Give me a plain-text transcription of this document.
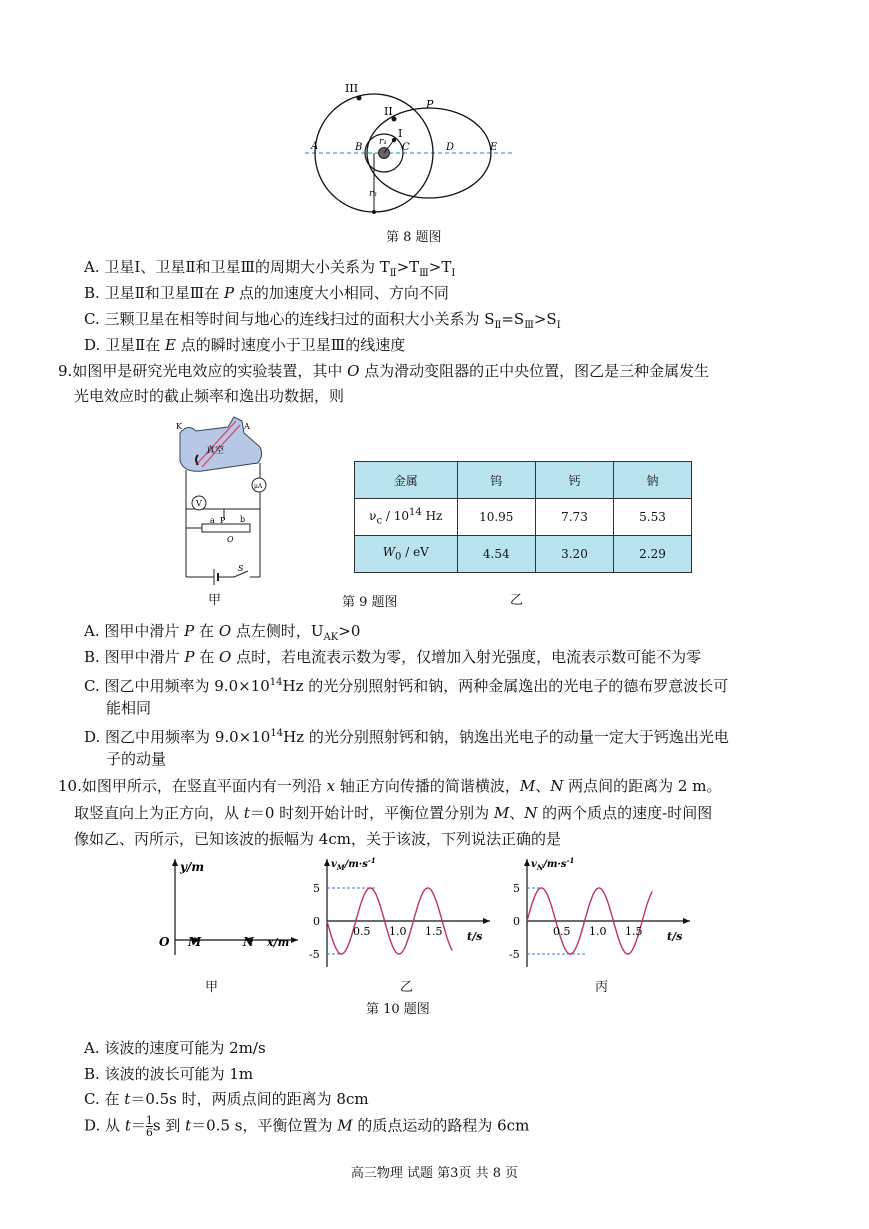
III
II
P
I
A	B	C	D	E
r₁
r₃
第 8 题图
A. 卫星Ⅰ、卫星Ⅱ和卫星Ⅲ的周期大小关系为 $T_Ⅱ>T_Ⅲ>T_Ⅰ$
B. 卫星Ⅱ和卫星Ⅲ在 P 点的加速度大小相同、方向不同
C. 三颗卫星在相等时间与地心的连线扫过的面积大小关系为 $S_Ⅱ=S_Ⅲ>S_Ⅰ$
D. 卫星Ⅱ在 E 点的瞬时速度小于卫星Ⅲ的线速度
9.如图甲是研究光电效应的实验装置，其中 O 点为滑动变阻器的正中央位置，图乙是三种金属发生
光电效应时的截止频率和逸出功数据，则
K	A
真空
V
μA
a P b
O
S
甲	第 9 题图	乙
金属	钨	钙	钠
$\nu_c / 10^{14}$ Hz	10.95	7.73	5.53
$W_0$ / eV	4.54	3.20	2.29
A. 图甲中滑片 P 在 O 点左侧时，$U_{AK}>0$
B. 图甲中滑片 P 在 O 点时，若电流表示数为零，仅增加入射光强度，电流表示数可能不为零
C. 图乙中用频率为 $9.0\times 10^{14}Hz$ 的光分别照射钙和钠，两种金属逸出的光电子的德布罗意波长可
能相同
D. 图乙中用频率为 $9.0\times 10^{14}Hz$ 的光分别照射钙和钠，钠逸出光电子的动量一定大于钙逸出光电
子的动量
10.如图甲所示，在竖直平面内有一列沿 x 轴正方向传播的简谐横波，M、N 两点间的距离为 2 m。
取竖直向上为正方向，从 t＝0 时刻开始计时，平衡位置分别为 M、N 的两个质点的速度-时间图
像如乙、丙所示，已知该波的振幅为 4cm，关于该波，下列说法正确的是
y/m
O M	N x/m
甲
$v_M/m\cdot s^{-1}$
5
0
-5
0.5 1.0 1.5 t/s
乙
$v_N/m\cdot s^{-1}$
5
0
-5
0.5 1.0 1.5 t/s
丙
第 10 题图
A. 该波的速度可能为 2m/s
B. 该波的波长可能为 1m
C. 在 t＝0.5s 时，两质点间的距离为 8cm
D. 从 $t= \frac{1}{6}$ s 到 t＝0.5 s，平衡位置为 M 的质点运动的路程为 6cm
高三物理 试题 第3页 共 8 页
